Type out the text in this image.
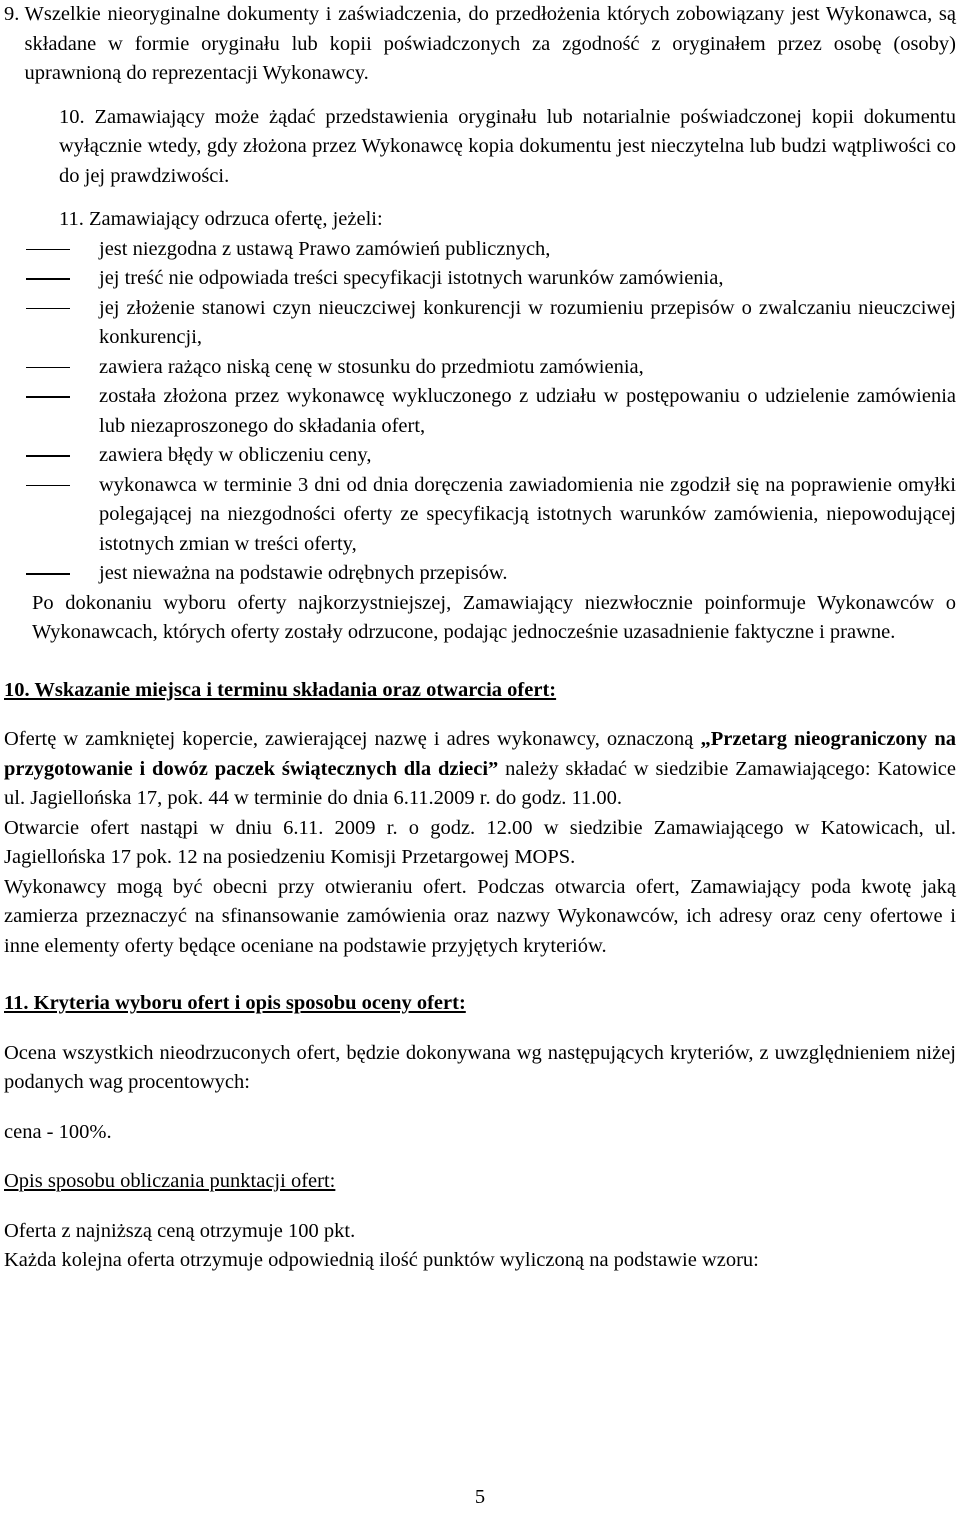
9. Wszelkie nieoryginalne dokumenty i zaświadczenia, do przedłożenia których zobowiązany jest Wykonawca, są składane w formie oryginału lub kopii poświadczonych za zgodność z oryginałem przez osobę (osoby) uprawnioną do reprezentacji Wykonawcy.
10. Zamawiający może żądać przedstawienia oryginału lub notarialnie poświadczonej kopii dokumentu wyłącznie wtedy, gdy złożona przez Wykonawcę kopia dokumentu jest nieczytelna lub budzi wątpliwości co do jej prawdziwości.
11. Zamawiający odrzuca ofertę, jeżeli:
jest niezgodna z ustawą Prawo zamówień publicznych,
jej treść nie odpowiada treści specyfikacji istotnych warunków zamówienia,
jej złożenie stanowi czyn nieuczciwej konkurencji w rozumieniu przepisów o zwalczaniu nieuczciwej konkurencji,
zawiera rażąco niską cenę w stosunku do przedmiotu zamówienia,
została złożona przez wykonawcę wykluczonego z udziału w postępowaniu o udzielenie zamówienia lub niezaproszonego do składania ofert,
zawiera błędy w obliczeniu ceny,
wykonawca w terminie 3 dni od dnia doręczenia zawiadomienia nie zgodził się na poprawienie omyłki polegającej na niezgodności oferty ze specyfikacją istotnych warunków zamówienia, niepowodującej istotnych zmian w treści oferty,
jest nieważna na podstawie odrębnych przepisów.

Po dokonaniu wyboru oferty najkorzystniejszej, Zamawiający niezwłocznie poinformuje Wykonawców o Wykonawcach, których oferty zostały odrzucone, podając jednocześnie uzasadnienie faktyczne i prawne.

10. Wskazanie miejsca i terminu składania oraz otwarcia ofert:

Ofertę w zamkniętej kopercie, zawierającej nazwę i adres wykonawcy, oznaczoną „Przetarg nieograniczony na przygotowanie i dowóz paczek świątecznych dla dzieci” należy składać w siedzibie Zamawiającego: Katowice ul. Jagiellońska 17, pok. 44 w terminie do dnia 6.11.2009 r. do godz. 11.00.

Otwarcie ofert nastąpi w dniu 6.11. 2009 r. o godz. 12.00 w siedzibie Zamawiającego w Katowicach, ul. Jagiellońska 17 pok. 12 na posiedzeniu Komisji Przetargowej MOPS.

Wykonawcy mogą być obecni przy otwieraniu ofert. Podczas otwarcia ofert, Zamawiający poda kwotę jaką zamierza przeznaczyć na sfinansowanie zamówienia oraz nazwy Wykonawców, ich adresy oraz ceny ofertowe i inne elementy oferty będące oceniane na podstawie przyjętych kryteriów.

11. Kryteria wyboru ofert i opis sposobu oceny ofert:

Ocena wszystkich nieodrzuconych ofert, będzie dokonywana wg następujących kryteriów, z uwzględnieniem niżej podanych wag procentowych:

cena - 100%.

Opis sposobu obliczania punktacji ofert:

Oferta z najniższą ceną otrzymuje 100 pkt.

Każda kolejna oferta otrzymuje odpowiednią ilość punktów wyliczoną na podstawie wzoru:

5
